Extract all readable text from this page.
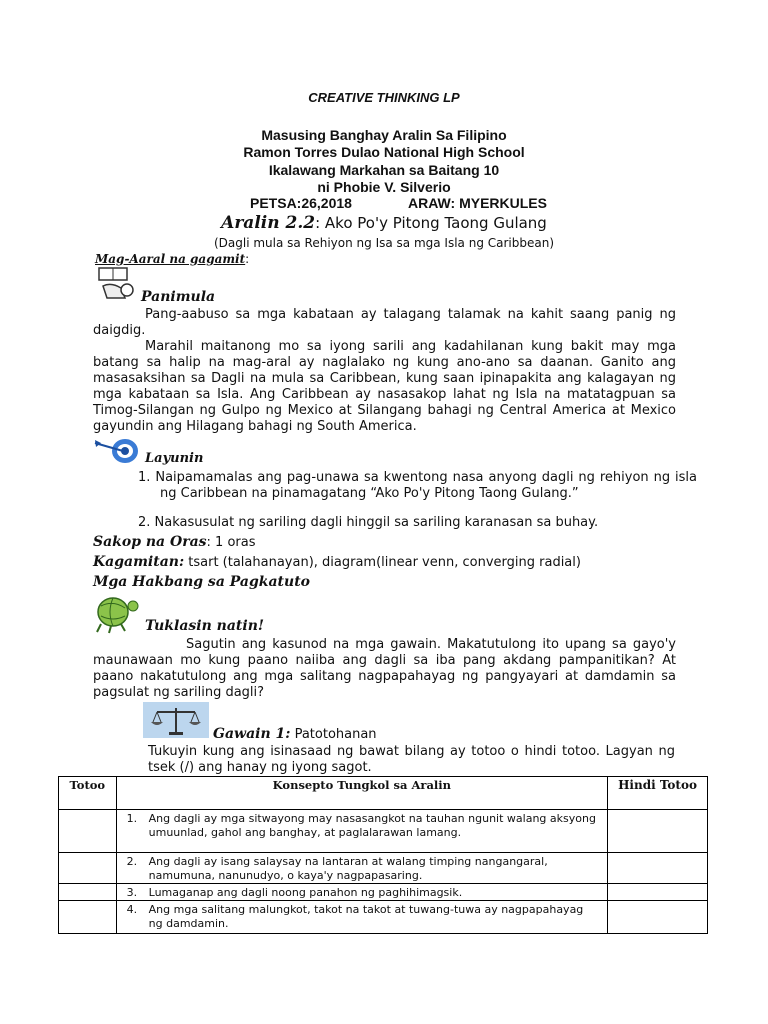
CREATIVE THINKING LP
Masusing Banghay Aralin Sa Filipino
Ramon Torres Dulao National High School
Ikalawang Markahan sa Baitang 10
ni Phobie V. Silverio
PETSA:26,2018	ARAW: MYERKULES
Aralin 2.2: Ako Po'y Pitong Taong Gulang
(Dagli mula sa Rehiyon ng Isa sa mga Isla ng Caribbean)
Mag-Aaral na gagamit:
Panimula
Pang-aabuso sa mga kabataan ay talagang talamak na kahit saang panig ng daigdig.
Marahil maitanong mo sa iyong sarili ang kadahilanan kung bakit may mga batang sa halip na mag-aral ay naglalako ng kung ano-ano sa daanan. Ganito ang masasaksihan sa Dagli na mula sa Caribbean, kung saan ipinapakita ang kalagayan ng mga kabataan sa Isla. Ang Caribbean ay nasasakop lahat ng Isla na matatagpuan sa Timog-Silangan ng Gulpo ng Mexico at Silangang bahagi ng Central America at Mexico gayundin ang Hilagang bahagi ng South America.
Layunin
1. Naipamamalas ang pag-unawa sa kwentong nasa anyong dagli ng rehiyon ng isla ng Caribbean na pinamagatang “Ako Po'y Pitong Taong Gulang.”
2. Nakasusulat ng sariling dagli hinggil sa sariling karanasan sa buhay.
Sakop na Oras: 1 oras
Kagamitan: tsart (talahanayan), diagram(linear venn, converging radial)
Mga Hakbang sa Pagkatuto
Tuklasin natin!
Sagutin ang kasunod na mga gawain. Makatutulong ito upang sa gayo'y maunawaan mo kung paano naiiba ang dagli sa iba pang akdang pampanitikan? At paano nakatutulong ang mga salitang nagpapahayag ng pangyayari at damdamin sa pagsulat ng sariling dagli?
Gawain 1: Patotohanan
Tukuyin kung ang isinasaad ng bawat bilang ay totoo o hindi totoo. Lagyan ng tsek (/) ang hanay ng iyong sagot.
Totoo	Konsepto Tungkol sa Aralin	Hindi Totoo
	1. Ang dagli ay mga sitwayong may nasasangkot na tauhan ngunit walang aksyong umuunlad, gahol ang banghay, at paglalarawan lamang.	
	2. Ang dagli ay isang salaysay na lantaran at walang timping nangangaral, namumuna, nanunudyo, o kaya'y nagpapasaring.	
	3. Lumaganap ang dagli noong panahon ng paghihimagsik.	
	4. Ang mga salitang malungkot, takot na takot at tuwang-tuwa ay nagpapahayag ng damdamin.	
